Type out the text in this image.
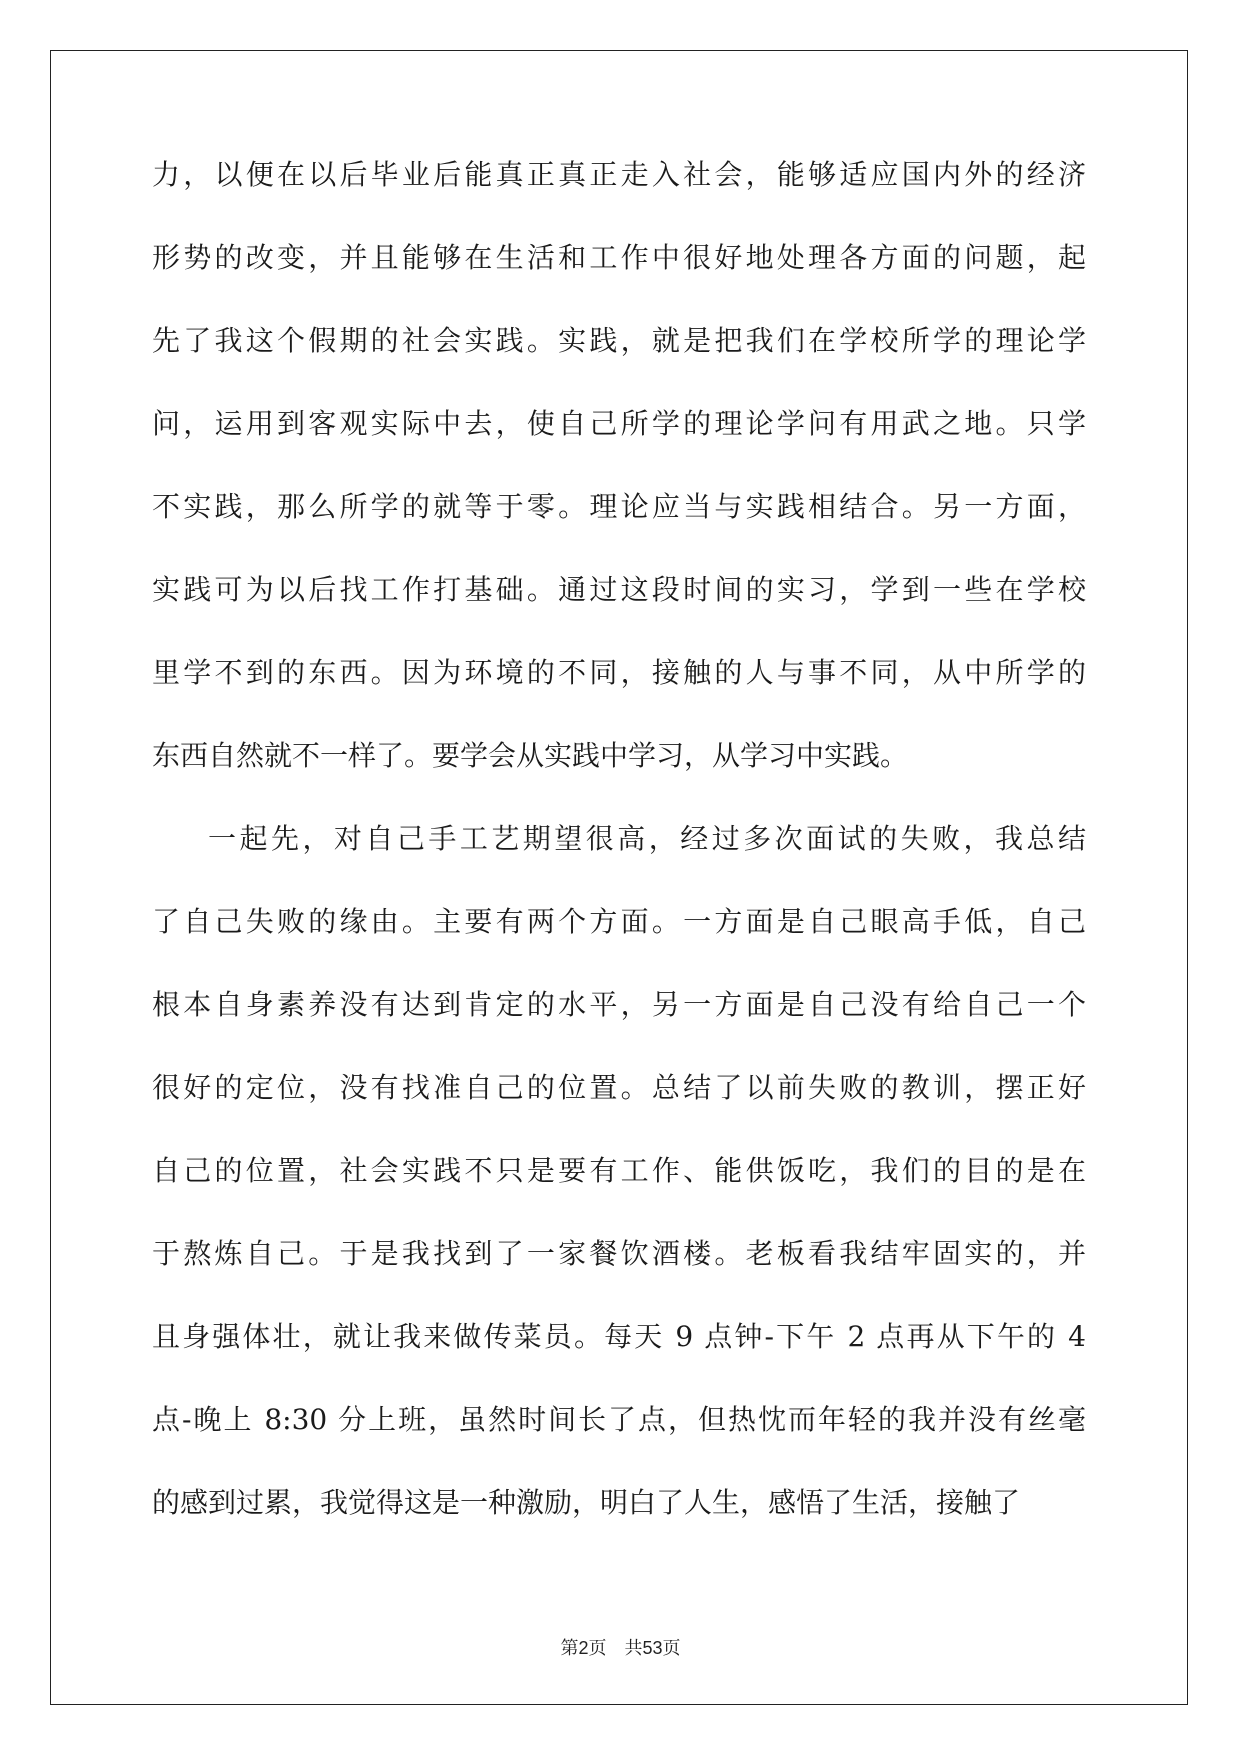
力，以便在以后毕业后能真正真正走入社会，能够适应国内外的经济
形势的改变，并且能够在生活和工作中很好地处理各方面的问题，起
先了我这个假期的社会实践。实践，就是把我们在学校所学的理论学
问，运用到客观实际中去，使自己所学的理论学问有用武之地。只学
不实践，那么所学的就等于零。理论应当与实践相结合。另一方面，
实践可为以后找工作打基础。通过这段时间的实习，学到一些在学校
里学不到的东西。因为环境的不同，接触的人与事不同，从中所学的
东西自然就不一样了。要学会从实践中学习，从学习中实践。
一起先，对自己手工艺期望很高，经过多次面试的失败，我总结
了自己失败的缘由。主要有两个方面。一方面是自己眼高手低，自己
根本自身素养没有达到肯定的水平，另一方面是自己没有给自己一个
很好的定位，没有找准自己的位置。总结了以前失败的教训，摆正好
自己的位置，社会实践不只是要有工作、能供饭吃，我们的目的是在
于熬炼自己。于是我找到了一家餐饮酒楼。老板看我结牢固实的，并
且身强体壮，就让我来做传菜员。每天 9 点钟-下午 2 点再从下午的 4
点-晚上 8:30 分上班，虽然时间长了点，但热忱而年轻的我并没有丝毫
的感到过累，我觉得这是一种激励，明白了人生，感悟了生活，接触了
第2页    共53页
